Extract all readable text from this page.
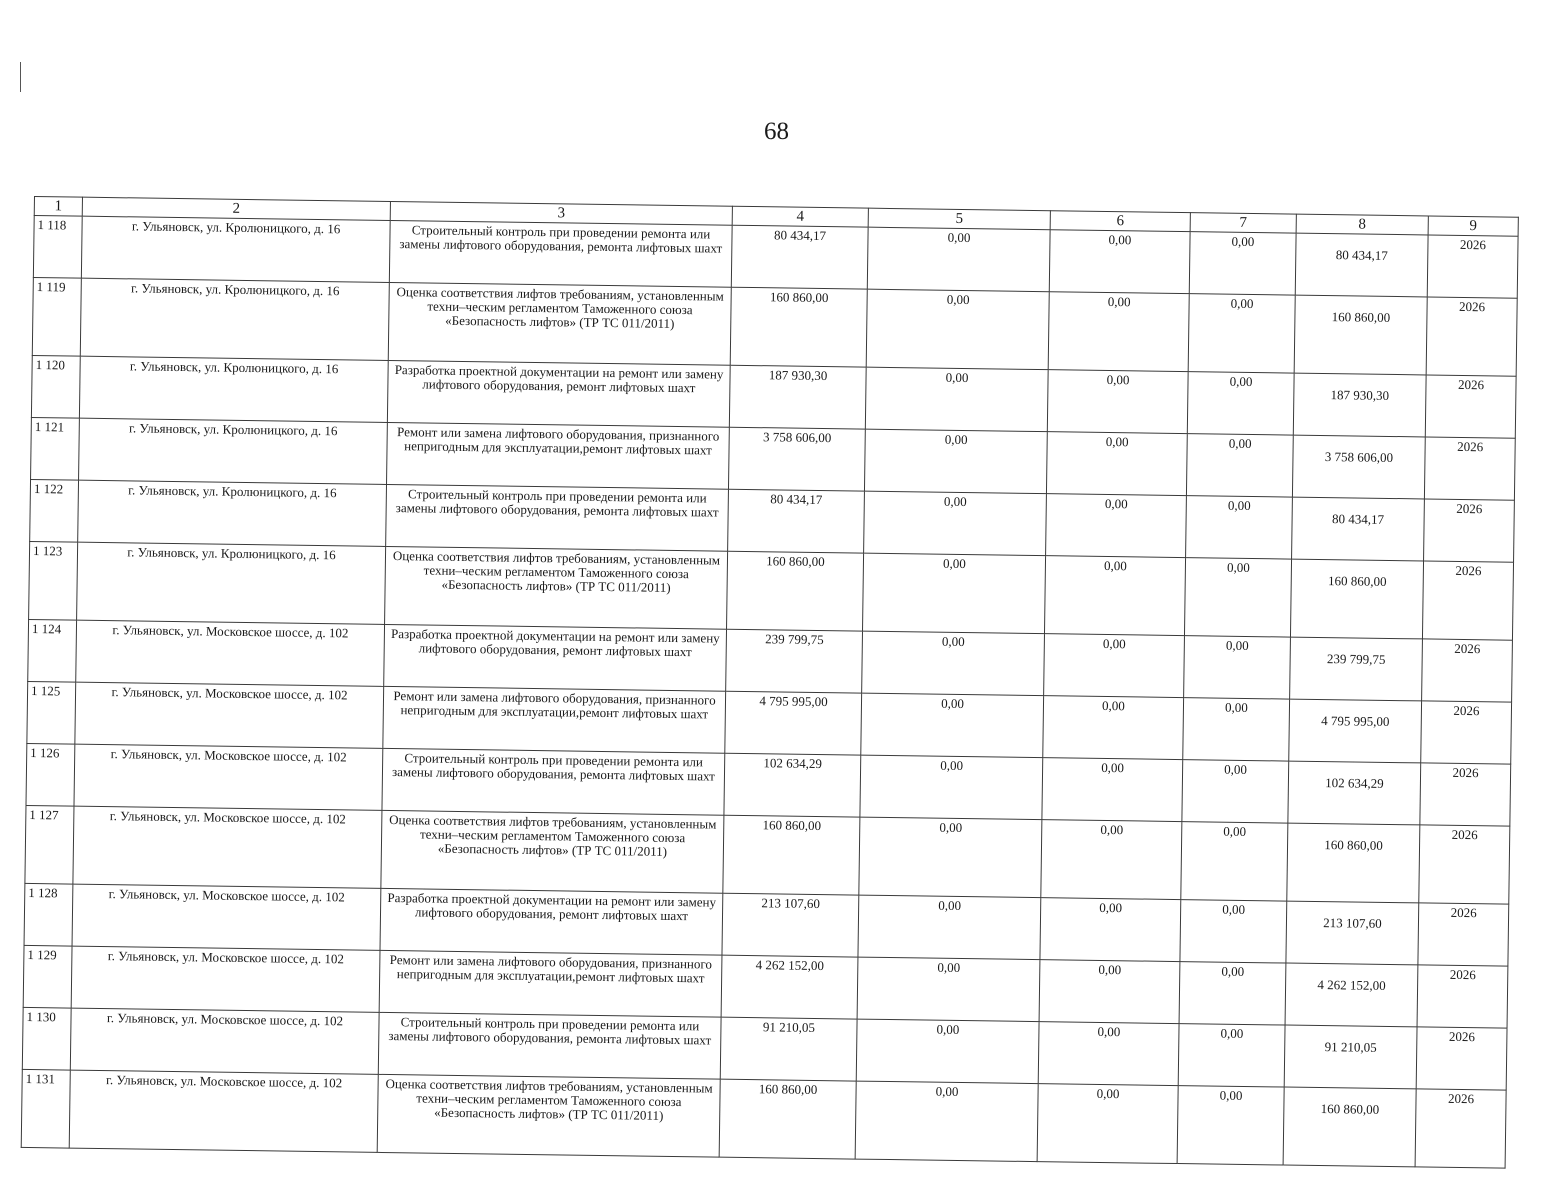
68
1	2	3	4	5	6	7	8	9
1 118	г. Ульяновск, ул. Кролюницкого, д. 16	Строительный контроль при проведении ремонта или замены лифтового оборудования, ремонта лифтовых шахт	80 434,17	0,00	0,00	0,00	80 434,17	2026
1 119	г. Ульяновск, ул. Кролюницкого, д. 16	Оценка соответствия лифтов требованиям, установленным техни–ческим регламентом Таможенного союза «Безопасность лифтов» (ТР ТС 011/2011)	160 860,00	0,00	0,00	0,00	160 860,00	2026
1 120	г. Ульяновск, ул. Кролюницкого, д. 16	Разработка проектной документации на ремонт или замену лифтового оборудования, ремонт лифтовых шахт	187 930,30	0,00	0,00	0,00	187 930,30	2026
1 121	г. Ульяновск, ул. Кролюницкого, д. 16	Ремонт или замена лифтового оборудования, признанного непригодным для эксплуатации,ремонт лифтовых шахт	3 758 606,00	0,00	0,00	0,00	3 758 606,00	2026
1 122	г. Ульяновск, ул. Кролюницкого, д. 16	Строительный контроль при проведении ремонта или замены лифтового оборудования, ремонта лифтовых шахт	80 434,17	0,00	0,00	0,00	80 434,17	2026
1 123	г. Ульяновск, ул. Кролюницкого, д. 16	Оценка соответствия лифтов требованиям, установленным техни–ческим регламентом Таможенного союза «Безопасность лифтов» (ТР ТС 011/2011)	160 860,00	0,00	0,00	0,00	160 860,00	2026
1 124	г. Ульяновск, ул. Московское шоссе, д. 102	Разработка проектной документации на ремонт или замену лифтового оборудования, ремонт лифтовых шахт	239 799,75	0,00	0,00	0,00	239 799,75	2026
1 125	г. Ульяновск, ул. Московское шоссе, д. 102	Ремонт или замена лифтового оборудования, признанного непригодным для эксплуатации,ремонт лифтовых шахт	4 795 995,00	0,00	0,00	0,00	4 795 995,00	2026
1 126	г. Ульяновск, ул. Московское шоссе, д. 102	Строительный контроль при проведении ремонта или замены лифтового оборудования, ремонта лифтовых шахт	102 634,29	0,00	0,00	0,00	102 634,29	2026
1 127	г. Ульяновск, ул. Московское шоссе, д. 102	Оценка соответствия лифтов требованиям, установленным техни–ческим регламентом Таможенного союза «Безопасность лифтов» (ТР ТС 011/2011)	160 860,00	0,00	0,00	0,00	160 860,00	2026
1 128	г. Ульяновск, ул. Московское шоссе, д. 102	Разработка проектной документации на ремонт или замену лифтового оборудования, ремонт лифтовых шахт	213 107,60	0,00	0,00	0,00	213 107,60	2026
1 129	г. Ульяновск, ул. Московское шоссе, д. 102	Ремонт или замена лифтового оборудования, признанного непригодным для эксплуатации,ремонт лифтовых шахт	4 262 152,00	0,00	0,00	0,00	4 262 152,00	2026
1 130	г. Ульяновск, ул. Московское шоссе, д. 102	Строительный контроль при проведении ремонта или замены лифтового оборудования, ремонта лифтовых шахт	91 210,05	0,00	0,00	0,00	91 210,05	2026
1 131	г. Ульяновск, ул. Московское шоссе, д. 102	Оценка соответствия лифтов требованиям, установленным техни–ческим регламентом Таможенного союза «Безопасность лифтов» (ТР ТС 011/2011)	160 860,00	0,00	0,00	0,00	160 860,00	2026
